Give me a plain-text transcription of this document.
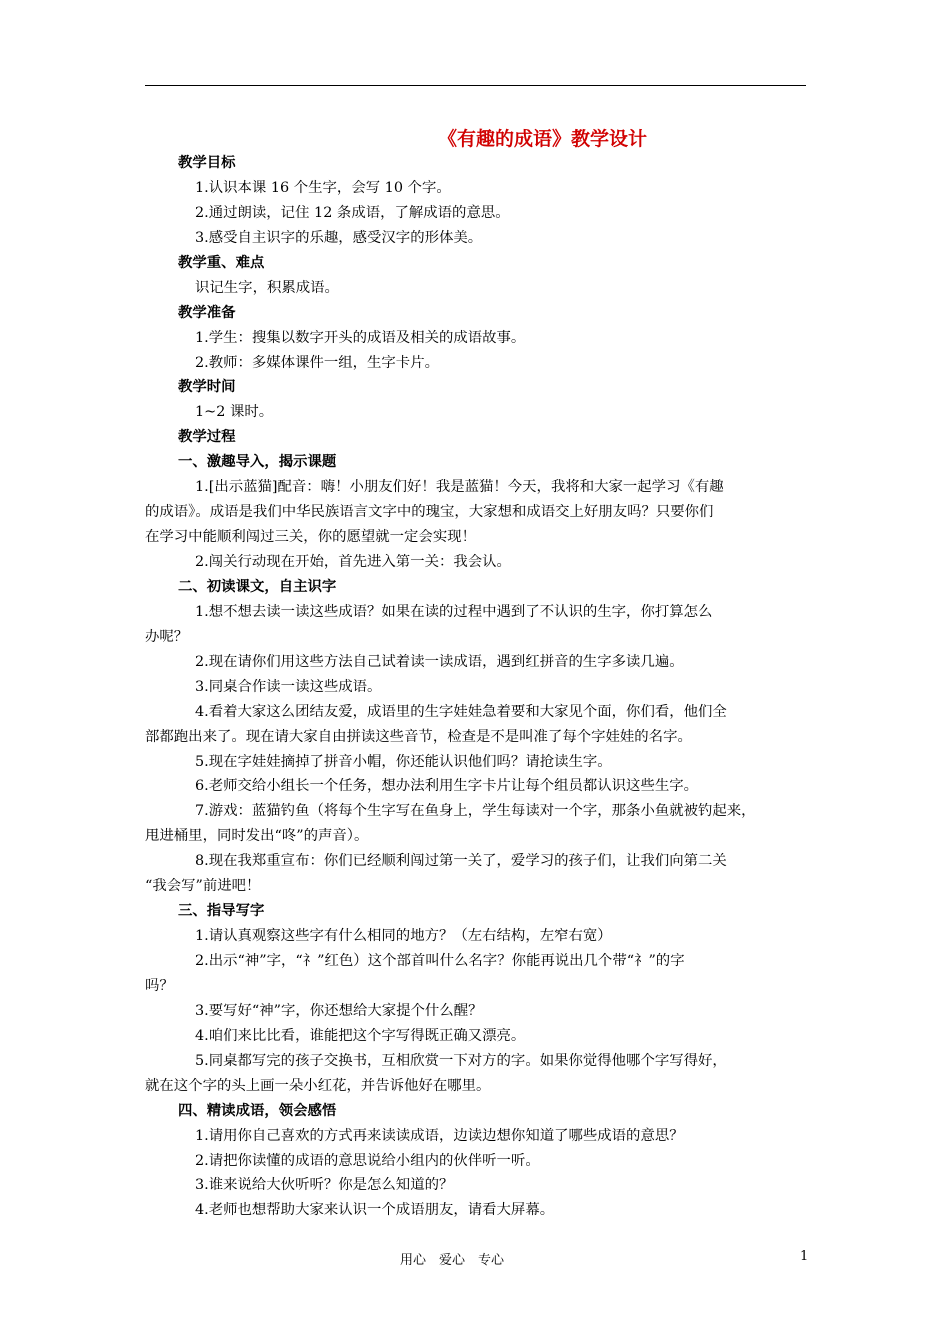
《有趣的成语》教学设计
教学目标
1.认识本课 16 个生字，会写 10 个字。
2.通过朗读，记住 12 条成语，了解成语的意思。
3.感受自主识字的乐趣，感受汉字的形体美。
教学重、难点
识记生字，积累成语。
教学准备
1.学生：搜集以数字开头的成语及相关的成语故事。
2.教师：多媒体课件一组，生字卡片。
教学时间
1~2 课时。
教学过程
一、激趣导入，揭示课题
1.[出示蓝猫]配音：嗨！小朋友们好！我是蓝猫！今天，我将和大家一起学习《有趣
的成语》。成语是我们中华民族语言文字中的瑰宝，大家想和成语交上好朋友吗？只要你们
在学习中能顺利闯过三关，你的愿望就一定会实现！
2.闯关行动现在开始，首先进入第一关：我会认。
二、初读课文，自主识字
1.想不想去读一读这些成语？如果在读的过程中遇到了不认识的生字，你打算怎么
办呢？
2.现在请你们用这些方法自己试着读一读成语，遇到红拼音的生字多读几遍。
3.同桌合作读一读这些成语。
4.看着大家这么团结友爱，成语里的生字娃娃急着要和大家见个面，你们看，他们全
部都跑出来了。现在请大家自由拼读这些音节，检查是不是叫准了每个字娃娃的名字。
5.现在字娃娃摘掉了拼音小帽，你还能认识他们吗？请抢读生字。
6.老师交给小组长一个任务，想办法利用生字卡片让每个组员都认识这些生字。
7.游戏：蓝猫钓鱼（将每个生字写在鱼身上，学生每读对一个字，那条小鱼就被钓起来，
甩进桶里，同时发出“咚”的声音）。
8.现在我郑重宣布：你们已经顺利闯过第一关了，爱学习的孩子们，让我们向第二关
“我会写”前进吧！
三、指导写字
1.请认真观察这些字有什么相同的地方？（左右结构，左窄右宽）
2.出示“神”字，“礻”红色）这个部首叫什么名字？你能再说出几个带“礻”的字
吗？
3.要写好“神”字，你还想给大家提个什么醒？
4.咱们来比比看，谁能把这个字写得既正确又漂亮。
5.同桌都写完的孩子交换书，互相欣赏一下对方的字。如果你觉得他哪个字写得好，
就在这个字的头上画一朵小红花，并告诉他好在哪里。
四、精读成语，领会感悟
1.请用你自己喜欢的方式再来读读成语，边读边想你知道了哪些成语的意思？
2.请把你读懂的成语的意思说给小组内的伙伴听一听。
3.谁来说给大伙听听？你是怎么知道的？
4.老师也想帮助大家来认识一个成语朋友，请看大屏幕。
用心　爱心　专心	1
